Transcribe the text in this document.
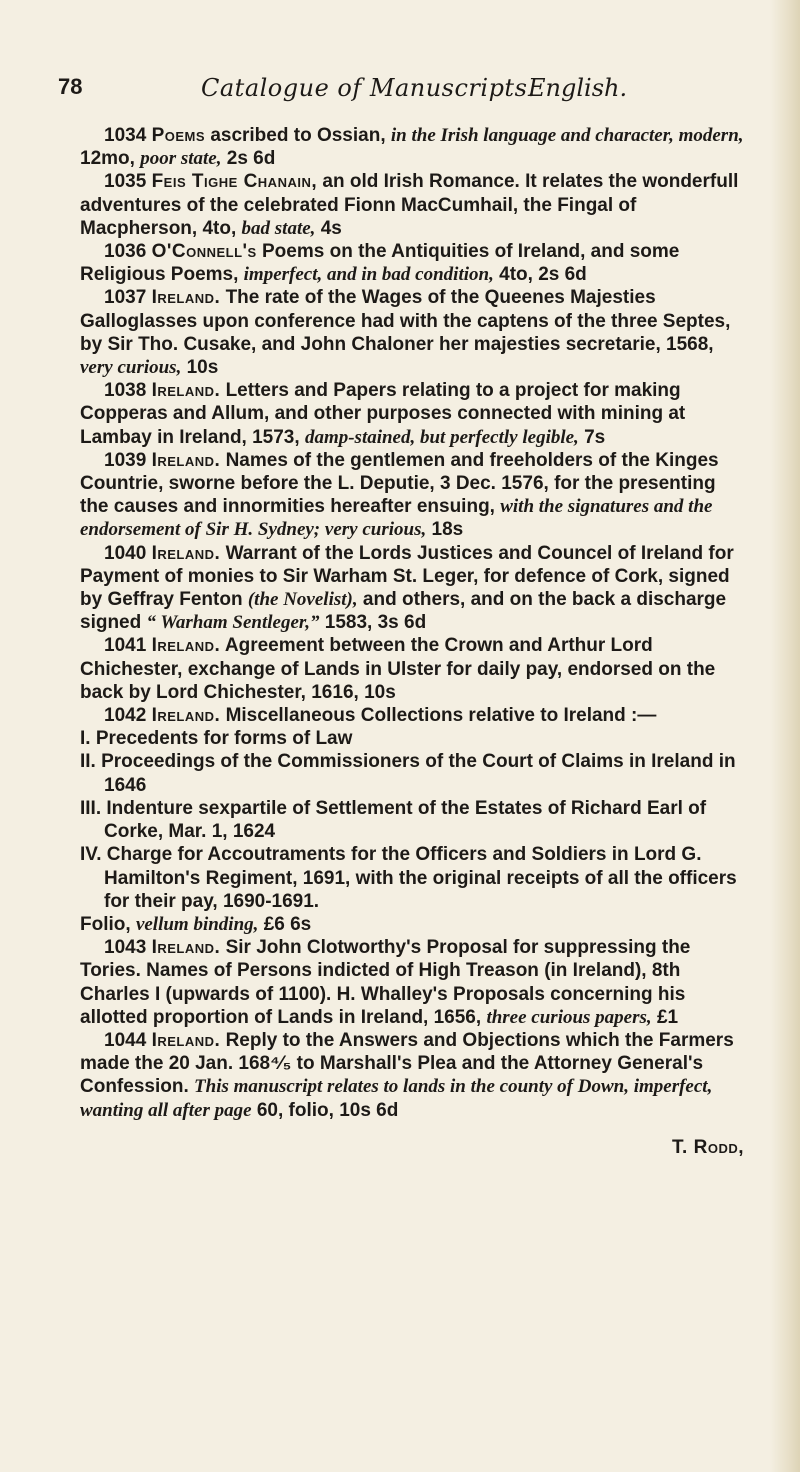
78	Catalogue of Manuscripts.
English.

1034 Poems ascribed to Ossian, in the Irish language and character, modern, 12mo, poor state, 2s 6d

1035 Feis Tighe Chanain, an old Irish Romance. It relates the wonderfull adventures of the celebrated Fionn MacCumhail, the Fingal of Macpherson, 4to, bad state, 4s

1036 O'Connell's Poems on the Antiquities of Ireland, and some Religious Poems, imperfect, and in bad condition, 4to, 2s 6d

1037 Ireland. The rate of the Wages of the Queenes Majesties Galloglasses upon conference had with the captens of the three Septes, by Sir Tho. Cusake, and John Chaloner her majesties secretarie, 1568, very curious, 10s

1038 Ireland. Letters and Papers relating to a project for making Copperas and Allum, and other purposes connected with mining at Lambay in Ireland, 1573, damp-stained, but perfectly legible, 7s

1039 Ireland. Names of the gentlemen and freeholders of the Kinges Countrie, sworne before the L. Deputie, 3 Dec. 1576, for the presenting the causes and innormities hereafter ensuing, with the signatures and the endorsement of Sir H. Sydney; very curious, 18s

1040 Ireland. Warrant of the Lords Justices and Councel of Ireland for Payment of monies to Sir Warham St. Leger, for defence of Cork, signed by Geffray Fenton (the Novelist), and others, and on the back a discharge signed “ Warham Sentleger,” 1583, 3s 6d

1041 Ireland. Agreement between the Crown and Arthur Lord Chichester, exchange of Lands in Ulster for daily pay, endorsed on the back by Lord Chichester, 1616, 10s

1042 Ireland. Miscellaneous Collections relative to Ireland :—

I. Precedents for forms of Law

II. Proceedings of the Commissioners of the Court of Claims in Ireland in 1646

III. Indenture sexpartile of Settlement of the Estates of Richard Earl of Corke, Mar. 1, 1624

IV. Charge for Accoutraments for the Officers and Soldiers in Lord G. Hamilton's Regiment, 1691, with the original receipts of all the officers for their pay, 1690-1691.

Folio, vellum binding, £6 6s

1043 Ireland. Sir John Clotworthy's Proposal for suppressing the Tories. Names of Persons indicted of High Treason (in Ireland), 8th Charles I (upwards of 1100). H. Whalley's Proposals concerning his allotted proportion of Lands in Ireland, 1656, three curious papers, £1

1044 Ireland. Reply to the Answers and Objections which the Farmers made the 20 Jan. 168⁴⁄₅ to Marshall's Plea and the Attorney General's Confession. This manuscript relates to lands in the county of Down, imperfect, wanting all after page 60, folio, 10s 6d

T. Rodd,
